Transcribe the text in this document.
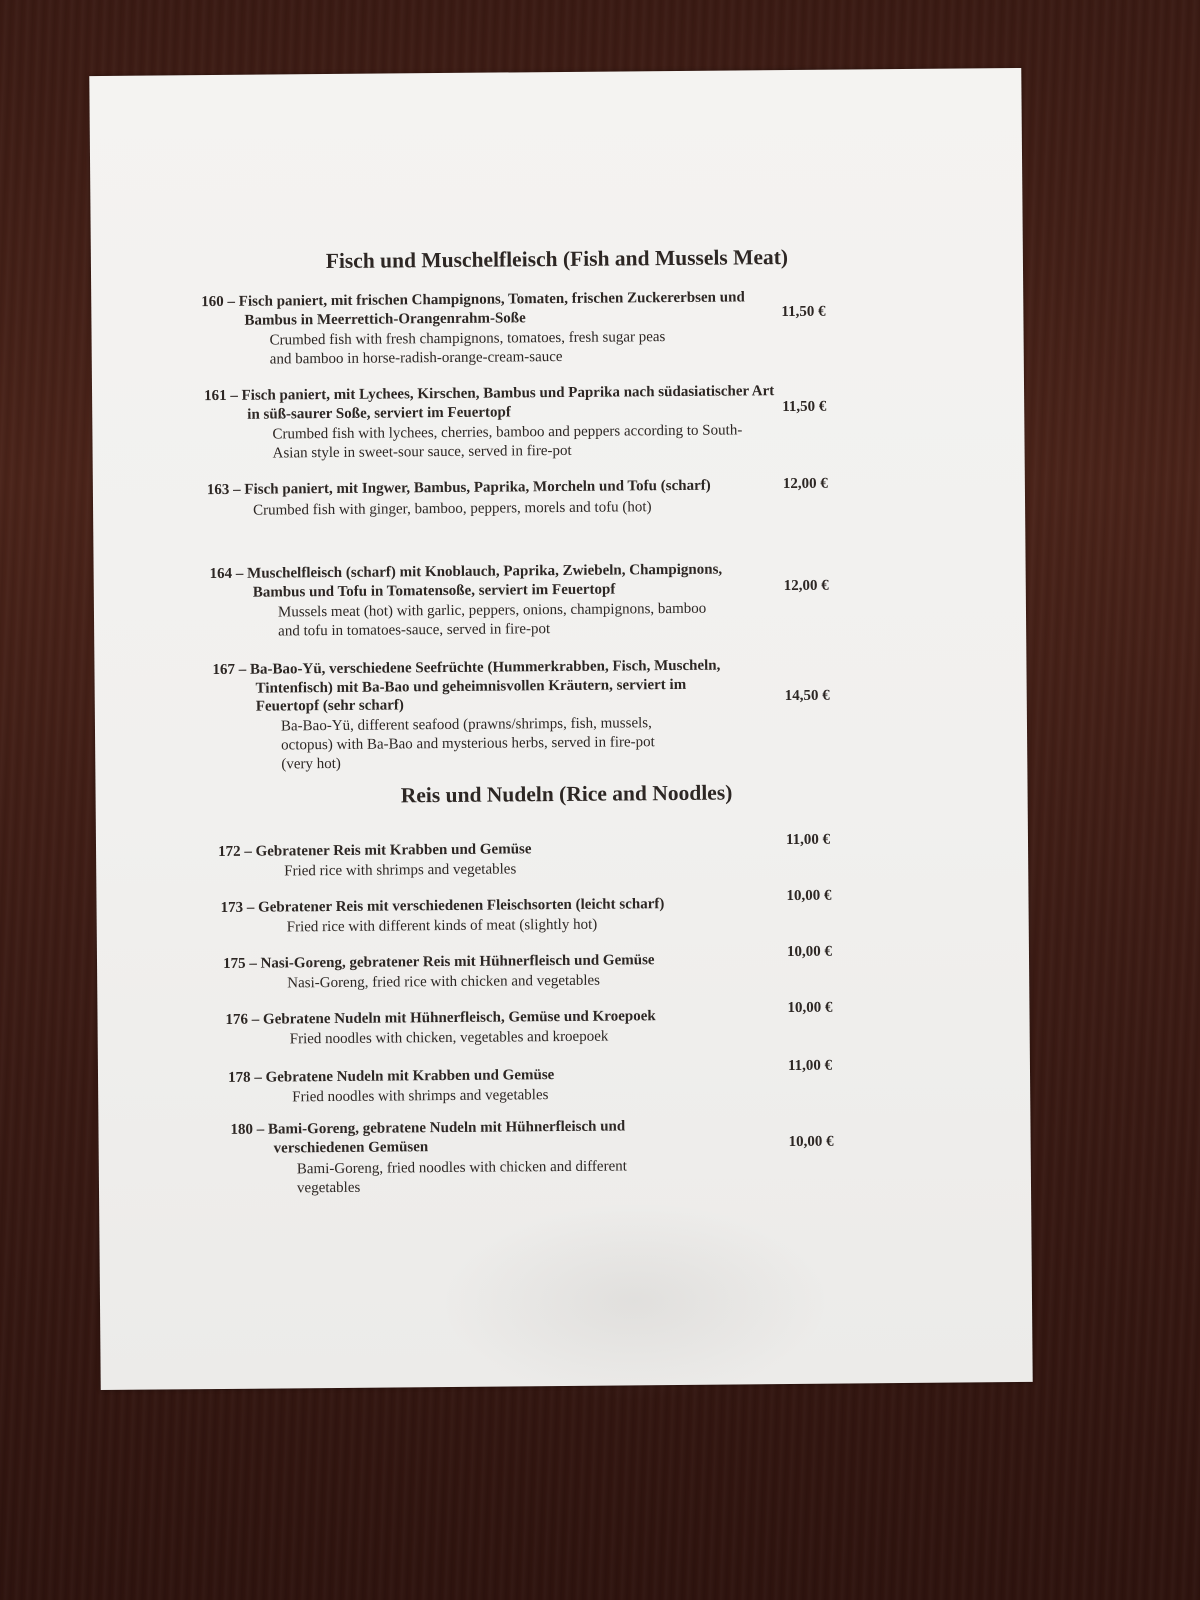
Fisch und Muschelfleisch (Fish and Mussels Meat)

160 – Fisch paniert, mit frischen Champignons, Tomaten, frischen Zuckererbsen und Bambus in Meerrettich-Orangenrahm-Soße

Crumbed fish with fresh champignons, tomatoes, fresh sugar peas and bamboo in horse-radish-orange-cream-sauce

11,50 €

161 – Fisch paniert, mit Lychees, Kirschen, Bambus und Paprika nach südasiatischer Art in süß-saurer Soße, serviert im Feuertopf

Crumbed fish with lychees, cherries, bamboo and peppers according to South-Asian style in sweet-sour sauce, served in fire-pot

11,50 €

163 – Fisch paniert, mit Ingwer, Bambus, Paprika, Morcheln und Tofu (scharf)

Crumbed fish with ginger, bamboo, peppers, morels and tofu (hot)

12,00 €

164 – Muschelfleisch (scharf) mit Knoblauch, Paprika, Zwiebeln, Champignons, Bambus und Tofu in Tomatensoße, serviert im Feuertopf

Mussels meat (hot) with garlic, peppers, onions, champignons, bamboo and tofu in tomatoes-sauce, served in fire-pot

12,00 €

167 – Ba-Bao-Yü, verschiedene Seefrüchte (Hummerkrabben, Fisch, Muscheln, Tintenfisch) mit Ba-Bao und geheimnisvollen Kräutern, serviert im Feuertopf (sehr scharf)

Ba-Bao-Yü, different seafood (prawns/shrimps, fish, mussels, octopus) with Ba-Bao and mysterious herbs, served in fire-pot (very hot)

14,50 €

Reis und Nudeln (Rice and Noodles)

172 – Gebratener Reis mit Krabben und Gemüse

Fried rice with shrimps and vegetables

11,00 €

173 – Gebratener Reis mit verschiedenen Fleischsorten (leicht scharf)

Fried rice with different kinds of meat (slightly hot)

10,00 €

175 – Nasi-Goreng, gebratener Reis mit Hühnerfleisch und Gemüse

Nasi-Goreng, fried rice with chicken and vegetables

10,00 €

176 – Gebratene Nudeln mit Hühnerfleisch, Gemüse und Kroepoek

Fried noodles with chicken, vegetables and kroepoek

10,00 €

178 – Gebratene Nudeln mit Krabben und Gemüse

Fried noodles with shrimps and vegetables

11,00 €

180 – Bami-Goreng, gebratene Nudeln mit Hühnerfleisch und verschiedenen Gemüsen

Bami-Goreng, fried noodles with chicken and different vegetables

10,00 €
